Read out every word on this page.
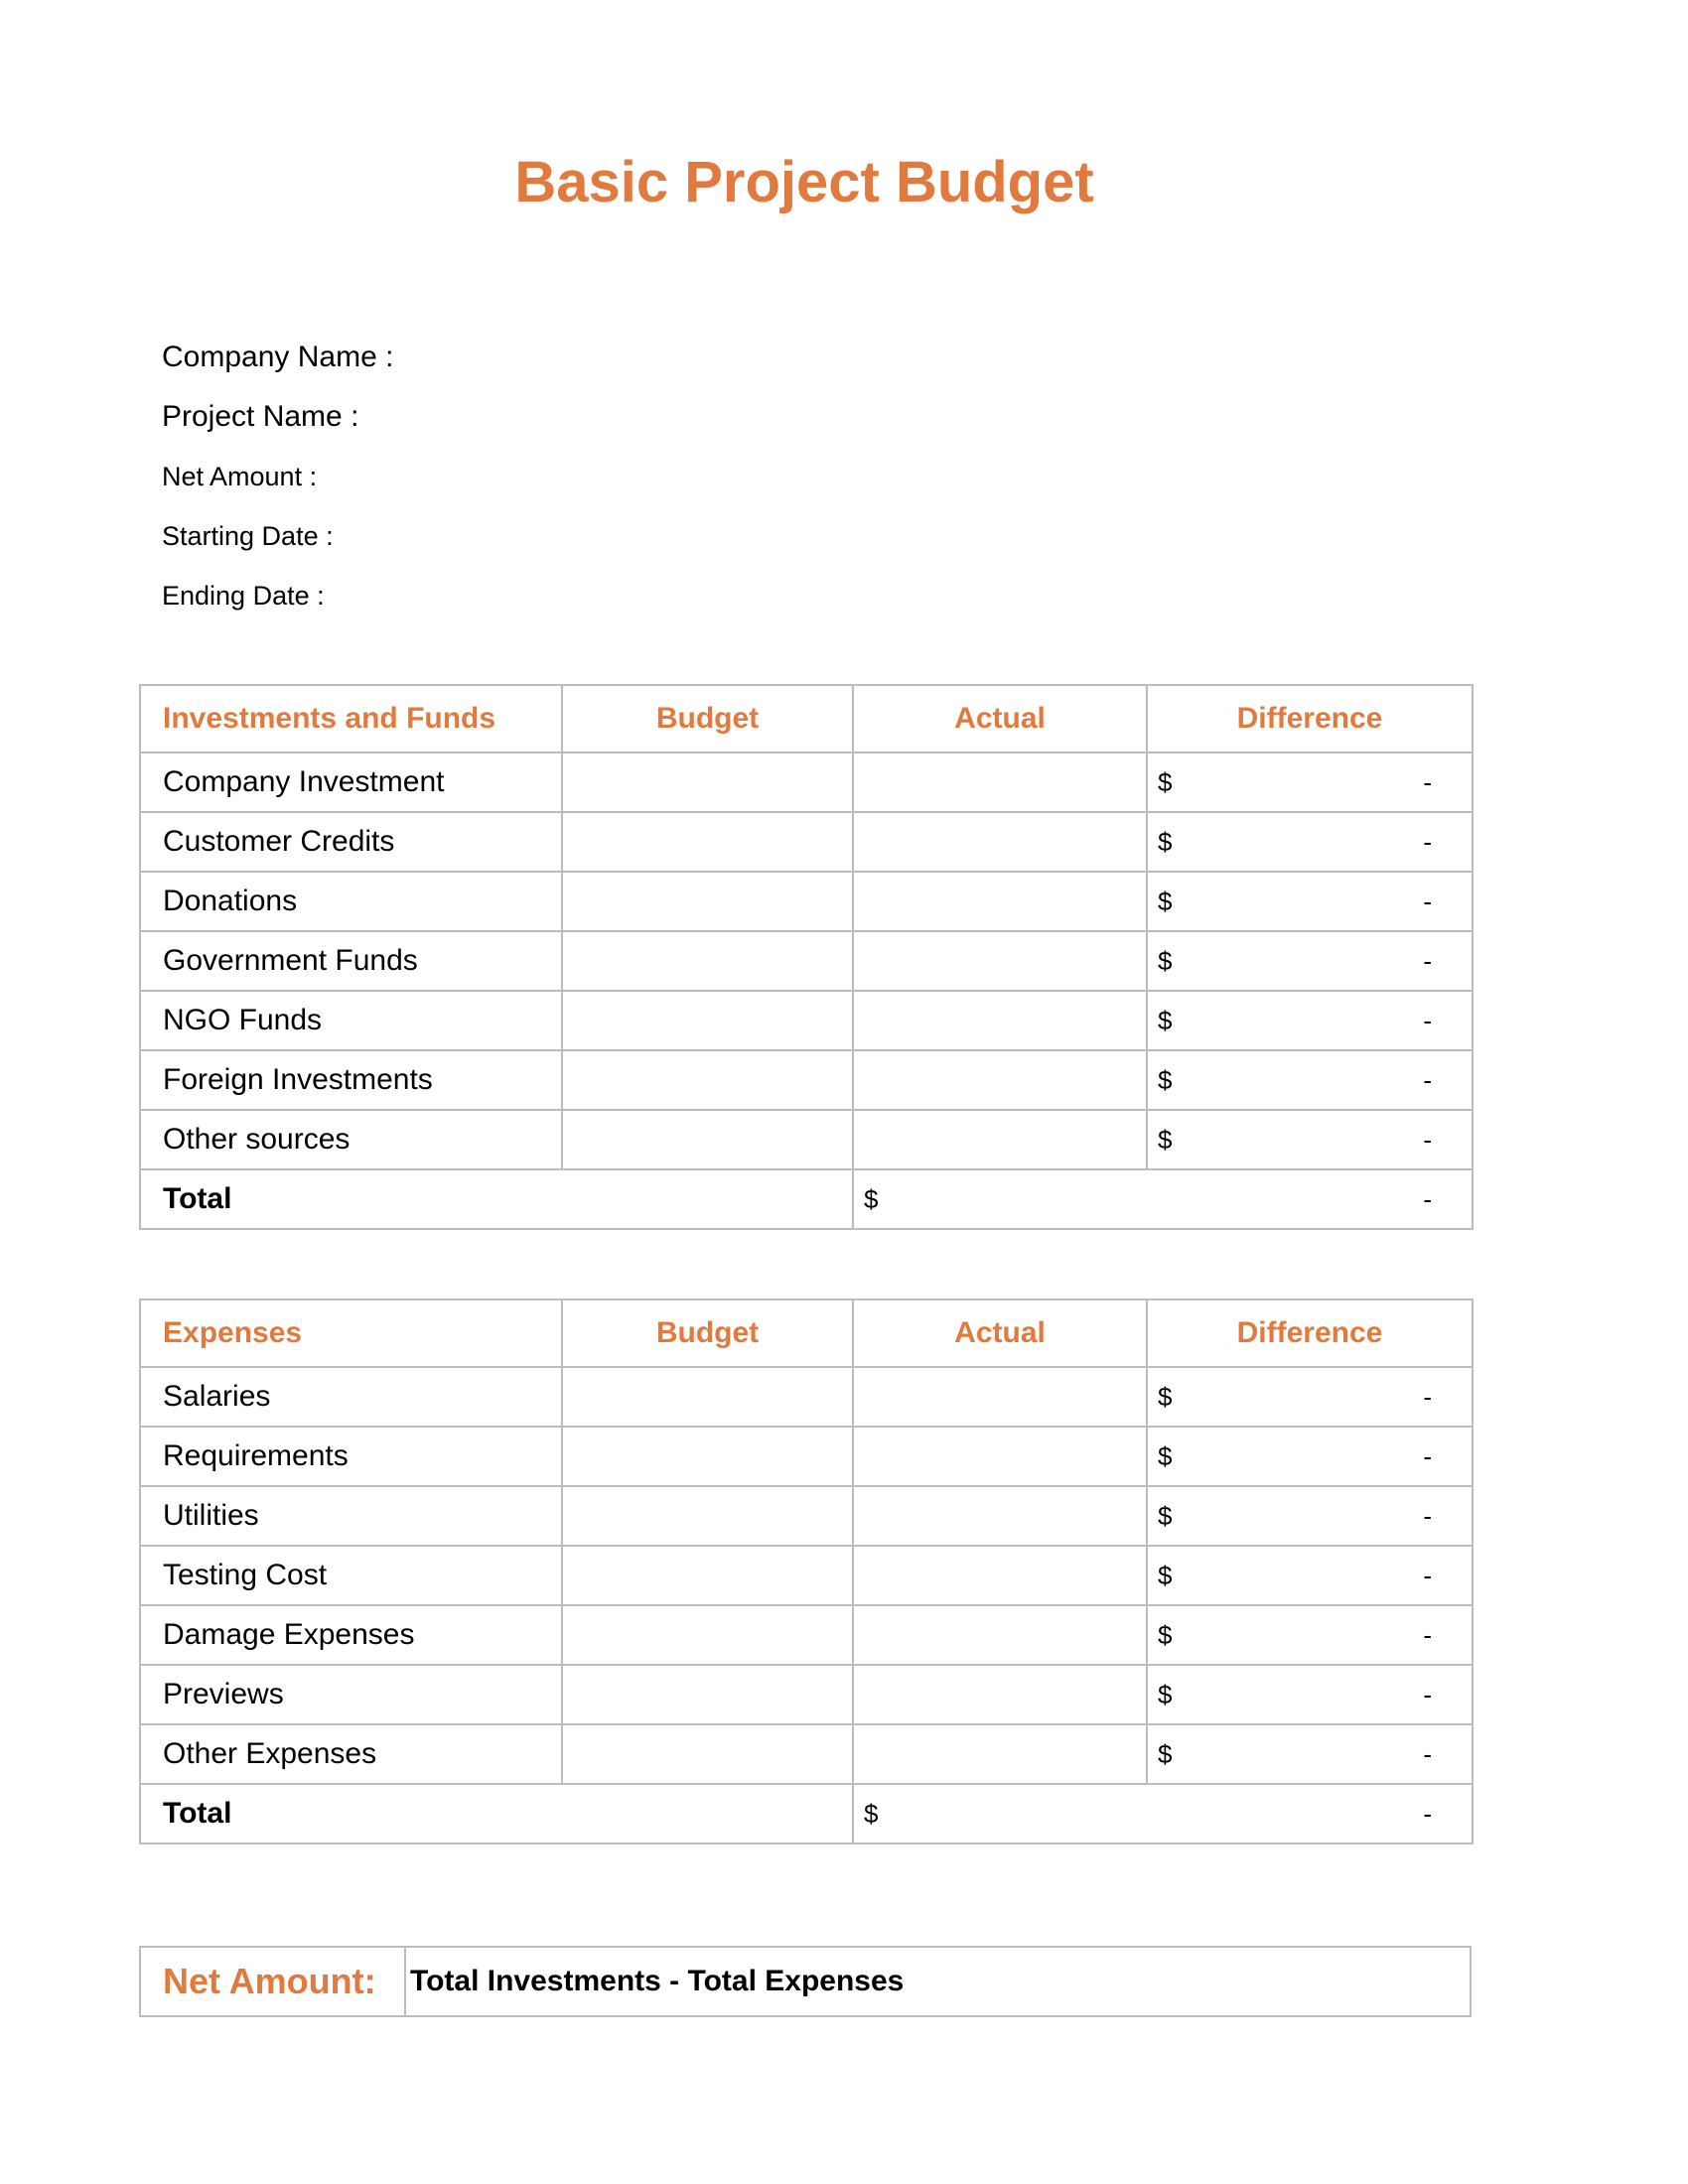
Basic Project Budget
Company Name :
Project Name :
Net Amount :
Starting Date :
Ending Date :
Investments and Funds	Budget	Actual	Difference
Company Investment			$ -

Customer Credits			$ -

Donations			$ -

Government Funds			$ -

NGO Funds			$ -

Foreign Investments			$ -

Other sources			$ -

Total		$ -	
Expenses	Budget	Actual	Difference
Salaries			$ -

Requirements			$ -

Utilities			$ -

Testing Cost			$ -

Damage Expenses			$ -

Previews			$ -

Other Expenses			$ -

Total		$ -	
Net Amount:	Total Investments - Total Expenses
